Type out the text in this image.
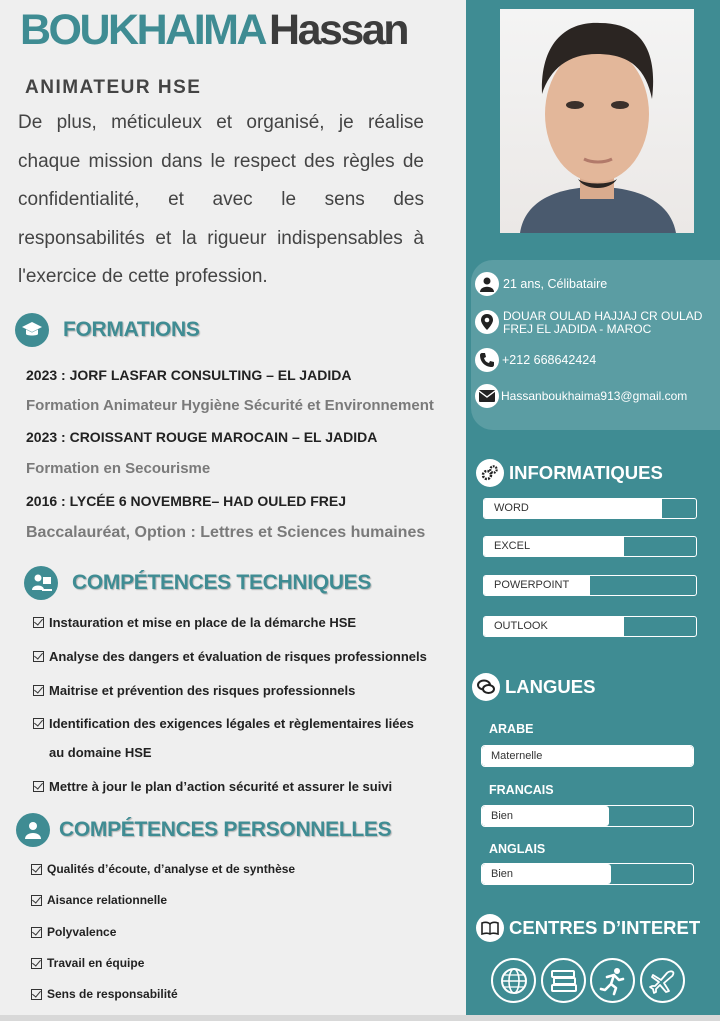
BOUKHAIMAHassan
ANIMATEUR HSE
De plus, méticuleux et organisé, je réalise chaque mission dans le respect des règles de confidentialité, et avec le sens des responsabilités et la rigueur indispensables à l'exercice de cette profession.
FORMATIONS
2023 : JORF LASFAR CONSULTING – EL JADIDA
Formation Animateur Hygiène Sécurité et Environnement
2023 : CROISSANT ROUGE MAROCAIN – EL JADIDA
Formation en Secourisme
2016 : LYCÉE 6 NOVEMBRE– HAD OULED FREJ
Baccalauréat, Option : Lettres et Sciences humaines
COMPÉTENCES TECHNIQUES
Instauration et mise en place de la démarche HSE
Analyse des dangers et évaluation de risques professionnels
Maitrise et prévention des risques professionnels
Identification des exigences légales et règlementaires liées
au domaine HSE
Mettre à jour le plan d’action sécurité et assurer le suivi
COMPÉTENCES PERSONNELLES
Qualités d’écoute, d’analyse et de synthèse
Aisance relationnelle
Polyvalence
Travail en équipe
Sens de responsabilité
21 ans, Célibataire
DOUAR OULAD HAJJAJ CR OULAD
FREJ EL JADIDA - MAROC
+212 668642424
Hassanboukhaima913@gmail.com
INFORMATIQUES
WORD
EXCEL
POWERPOINT
OUTLOOK
LANGUES
ARABE
Maternelle
FRANCAIS
Bien
ANGLAIS
Bien
CENTRES D’INTERET
